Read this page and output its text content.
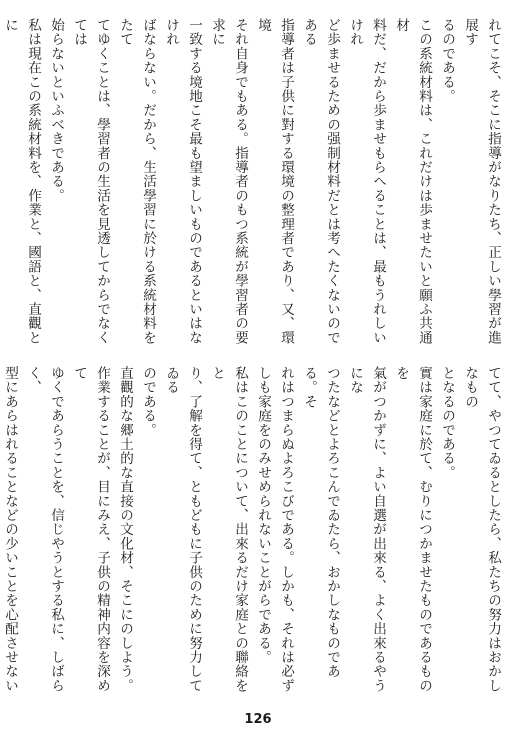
れてこそ、そこに指導がなりたち、正しい學習が進展す
るのである。
この系統材料は、これだけは歩ませたいと願ふ共通材
料だ、だから歩ませもらへることは、最もうれしいけれ
ど歩ませるための强制材料だとは考へたくないのである
指導者は子供に對する環境の整理者であり、又、環境
それ自身でもある。指導者のもつ系統が學習者の要求に
一致する境地こそ最も望ましいものであるといはなけれ
ばならない。だから、生活學習に於ける系統材料をたて
てゆくことは、學習者の生活を見透してからでなくては
始らないといふべきである。
私は現在この系統材料を、作業と、國語と、直觀とに
てて、やつてゐるとしたら、私たちの努力はおかしなもの
となるのである。
實は家庭に於て、むりにつかませたものであるものを
氣がつかずに、よい自選が出來る、よく出來るやうにな
つたなどとよろこんでゐたら、おかしなものである。そ
れはつまらぬよろこびである。しかも、それは必ず
しも家庭をのみせめられないことがらである。
私はこのことについて、出來るだけ家庭との聯絡をと
り、了解を得て、ともどもに子供のために努力してゐる
のである。
直觀的な郷土的な直接の文化材、そこにのしよう。
作業することが、目にみえ、子供の精神内容を深めて
ゆくであらうことを、信じやうとする私に、しばらく、
型にあらはれることなどの少いことを心配させない
126
